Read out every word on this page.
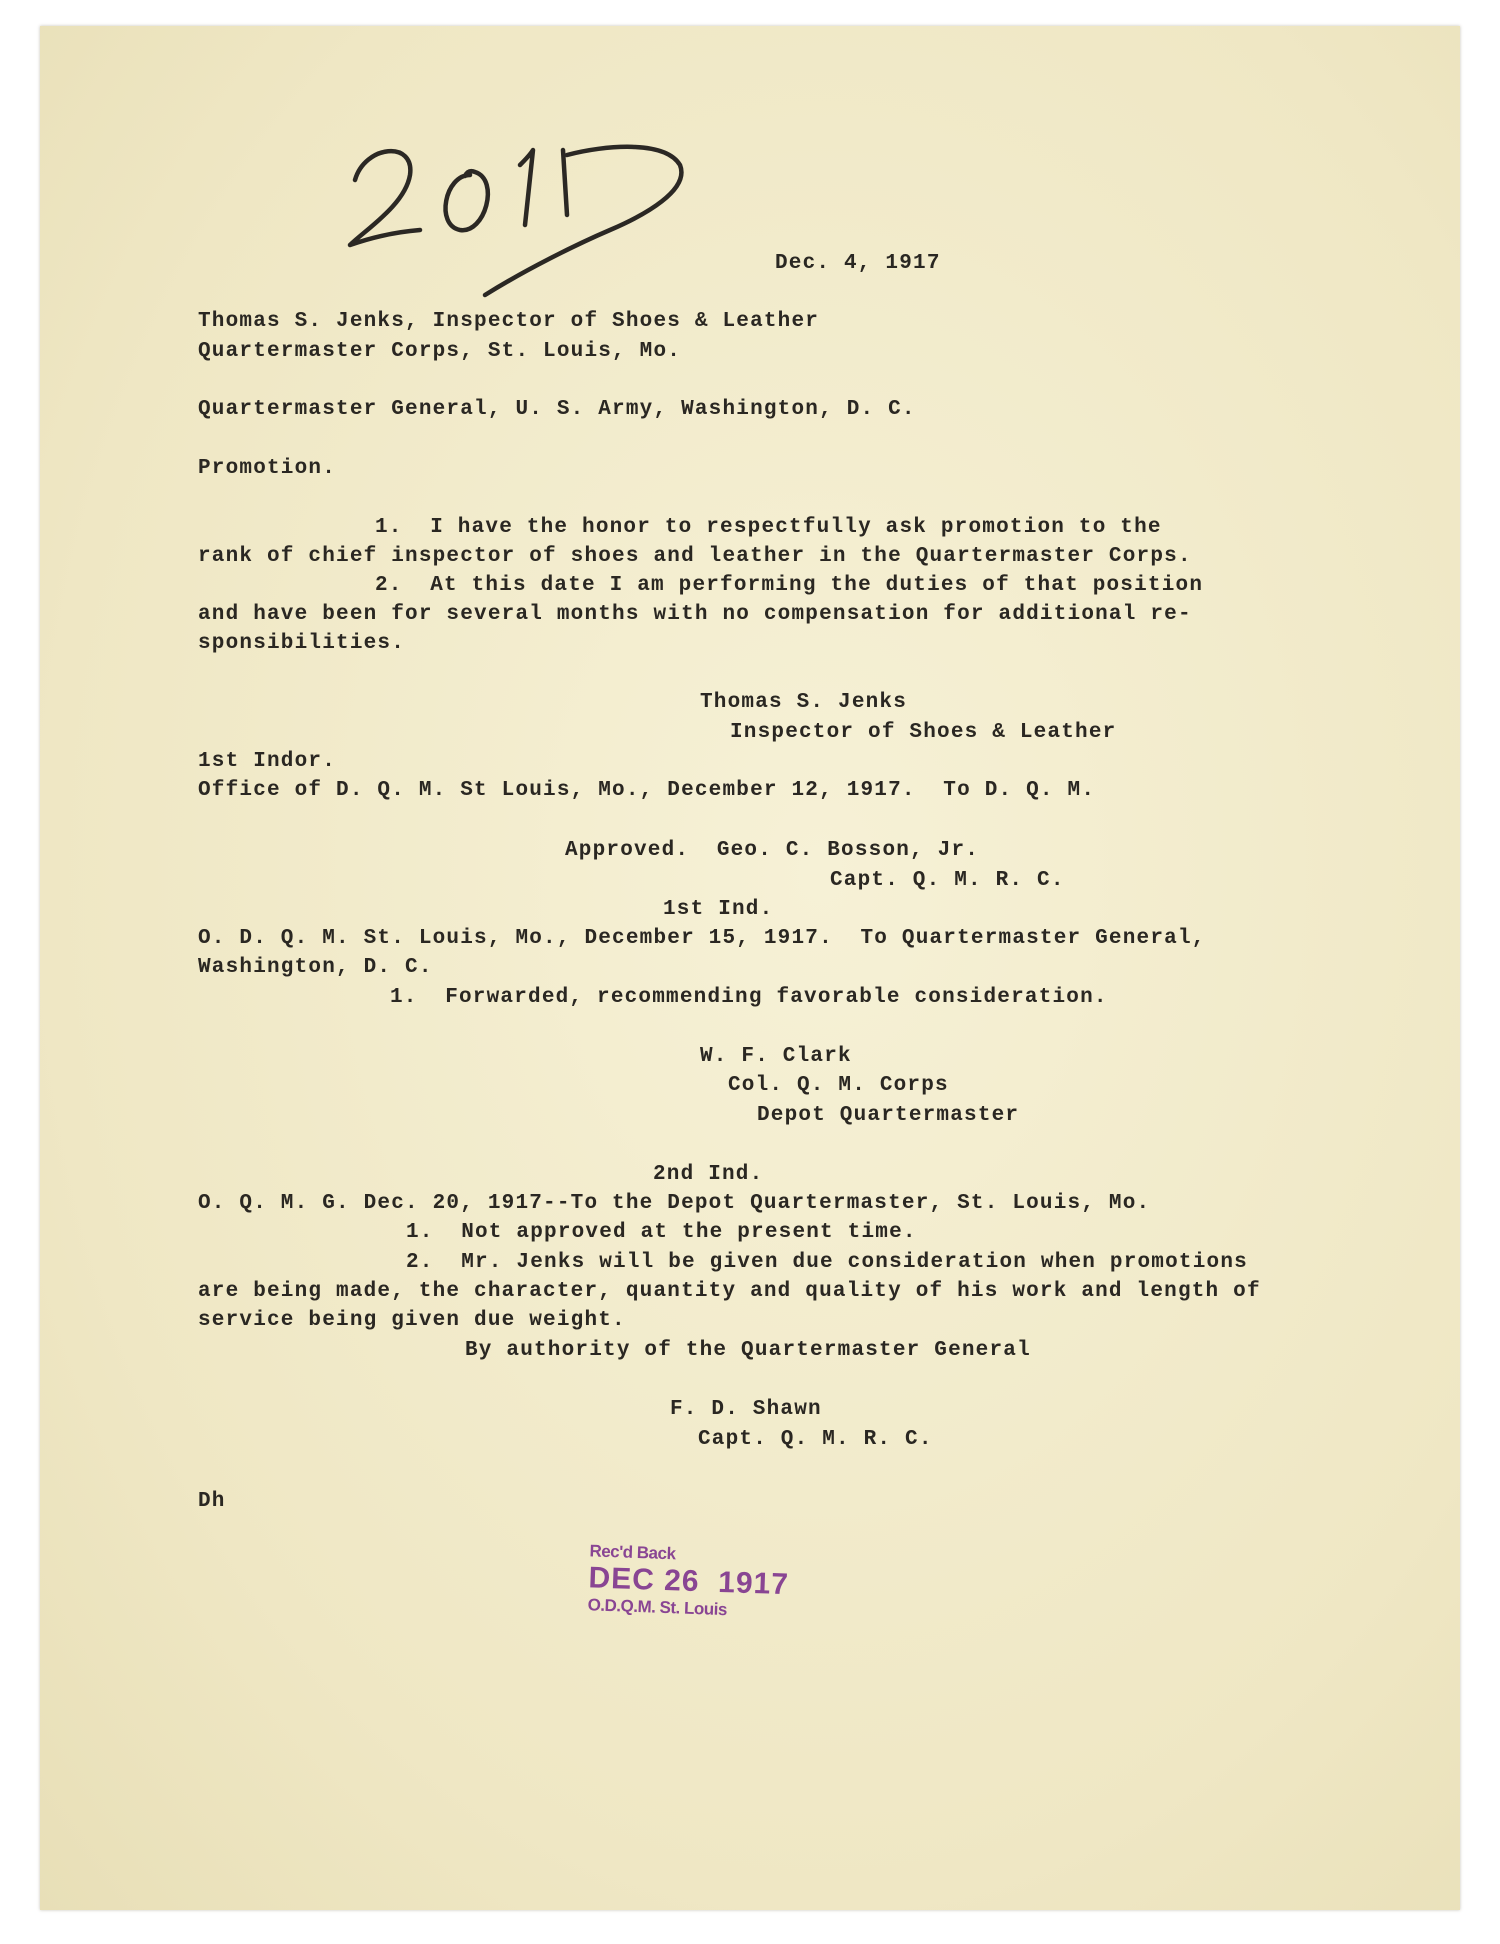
Dec. 4, 1917
Thomas S. Jenks, Inspector of Shoes & Leather
Quartermaster Corps, St. Louis, Mo.
Quartermaster General, U. S. Army, Washington, D. C.
Promotion.
1.  I have the honor to respectfully ask promotion to the
rank of chief inspector of shoes and leather in the Quartermaster Corps.
2.  At this date I am performing the duties of that position
and have been for several months with no compensation for additional re-
sponsibilities.
Thomas S. Jenks
Inspector of Shoes & Leather
1st Indor.
Office of D. Q. M. St Louis, Mo., December 12, 1917.  To D. Q. M.
Approved.  Geo. C. Bosson, Jr.
Capt. Q. M. R. C.
1st Ind.
O. D. Q. M. St. Louis, Mo., December 15, 1917.  To Quartermaster General,
Washington, D. C.
1.  Forwarded, recommending favorable consideration.
W. F. Clark
Col. Q. M. Corps
Depot Quartermaster
2nd Ind.
O. Q. M. G. Dec. 20, 1917--To the Depot Quartermaster, St. Louis, Mo.
1.  Not approved at the present time.
2.  Mr. Jenks will be given due consideration when promotions
are being made, the character, quantity and quality of his work and length of
service being given due weight.
By authority of the Quartermaster General
F. D. Shawn
Capt. Q. M. R. C.
Dh

Rec'd Back
DEC 26  1917
O.D.Q.M. St. Louis
